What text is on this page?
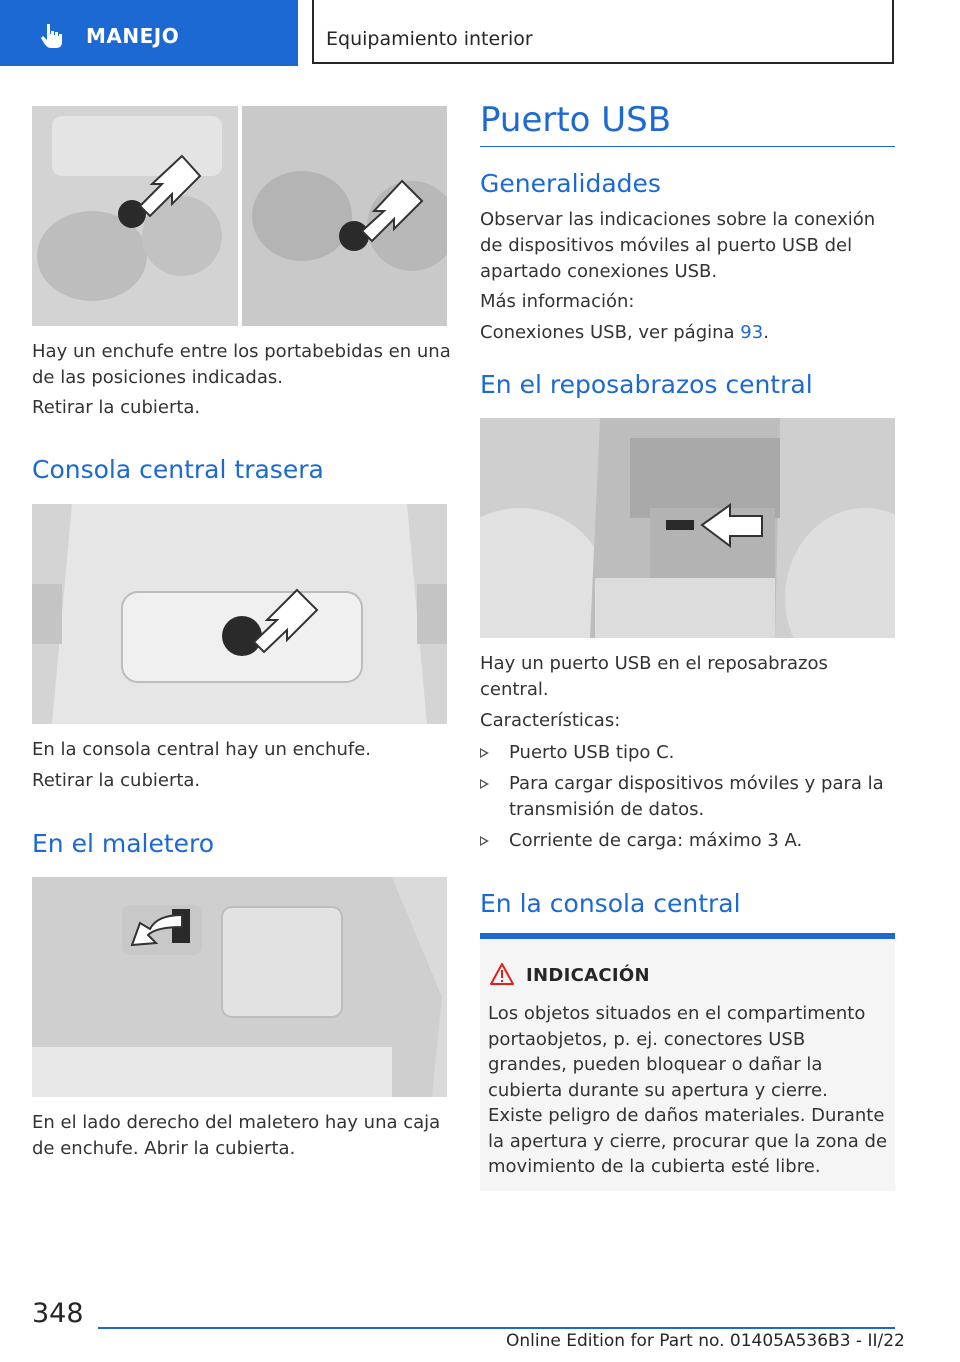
MANEJO	Equipamiento interior

Hay un enchufe entre los portabebidas en una de las posiciones indicadas.

Retirar la cubierta.

Consola central trasera

En la consola central hay un enchufe.

Retirar la cubierta.

En el maletero

En el lado derecho del maletero hay una caja de enchufe. Abrir la cubierta.

Puerto USB
Generalidades

Observar las indicaciones sobre la conexión de dispositivos móviles al puerto USB del apartado conexiones USB.

Más información:

Conexiones USB, ver página 93.

En el reposabrazos central

Hay un puerto USB en el reposabrazos central.

Características:

Puerto USB tipo C.
Para cargar dispositivos móviles y para la transmisión de datos.
Corriente de carga: máximo 3 A.
En la consola central
INDICACIÓN
Los objetos situados en el compartimento portaobjetos, p. ej. conectores USB grandes, pueden bloquear o dañar la cubierta durante su apertura y cierre. Existe peligro de daños materiales. Durante la apertura y cierre, procurar que la zona de movimiento de la cubierta esté libre.
348
Online Edition for Part no. 01405A536B3 - II/22
